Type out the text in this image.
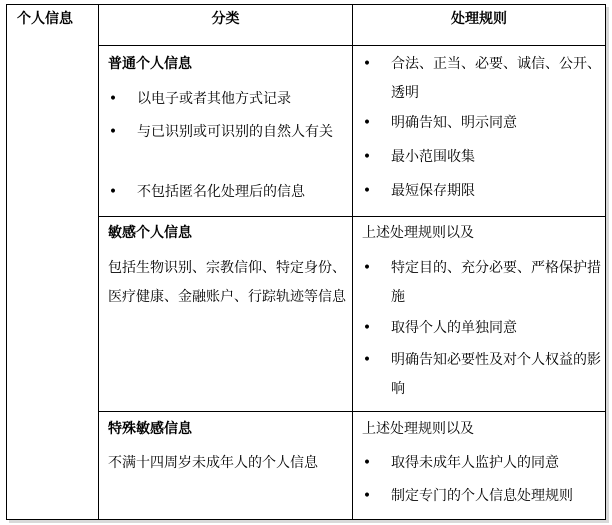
个人信息	分类	处理规则
普通个人信息
• 以电子或者其他方式记录
• 与已识别或可识别的自然人有关
• 不包括匿名化处理后的信息
• 合法、正当、必要、诚信、公开、透明
• 明确告知、明示同意
• 最小范围收集
• 最短保存期限
敏感个人信息
包括生物识别、宗教信仰、特定身份、医疗健康、金融账户、行踪轨迹等信息
上述处理规则以及
• 特定目的、充分必要、严格保护措施
• 取得个人的单独同意
• 明确告知必要性及对个人权益的影响
特殊敏感信息
不满十四周岁未成年人的个人信息
上述处理规则以及
• 取得未成年人监护人的同意
• 制定专门的个人信息处理规则
